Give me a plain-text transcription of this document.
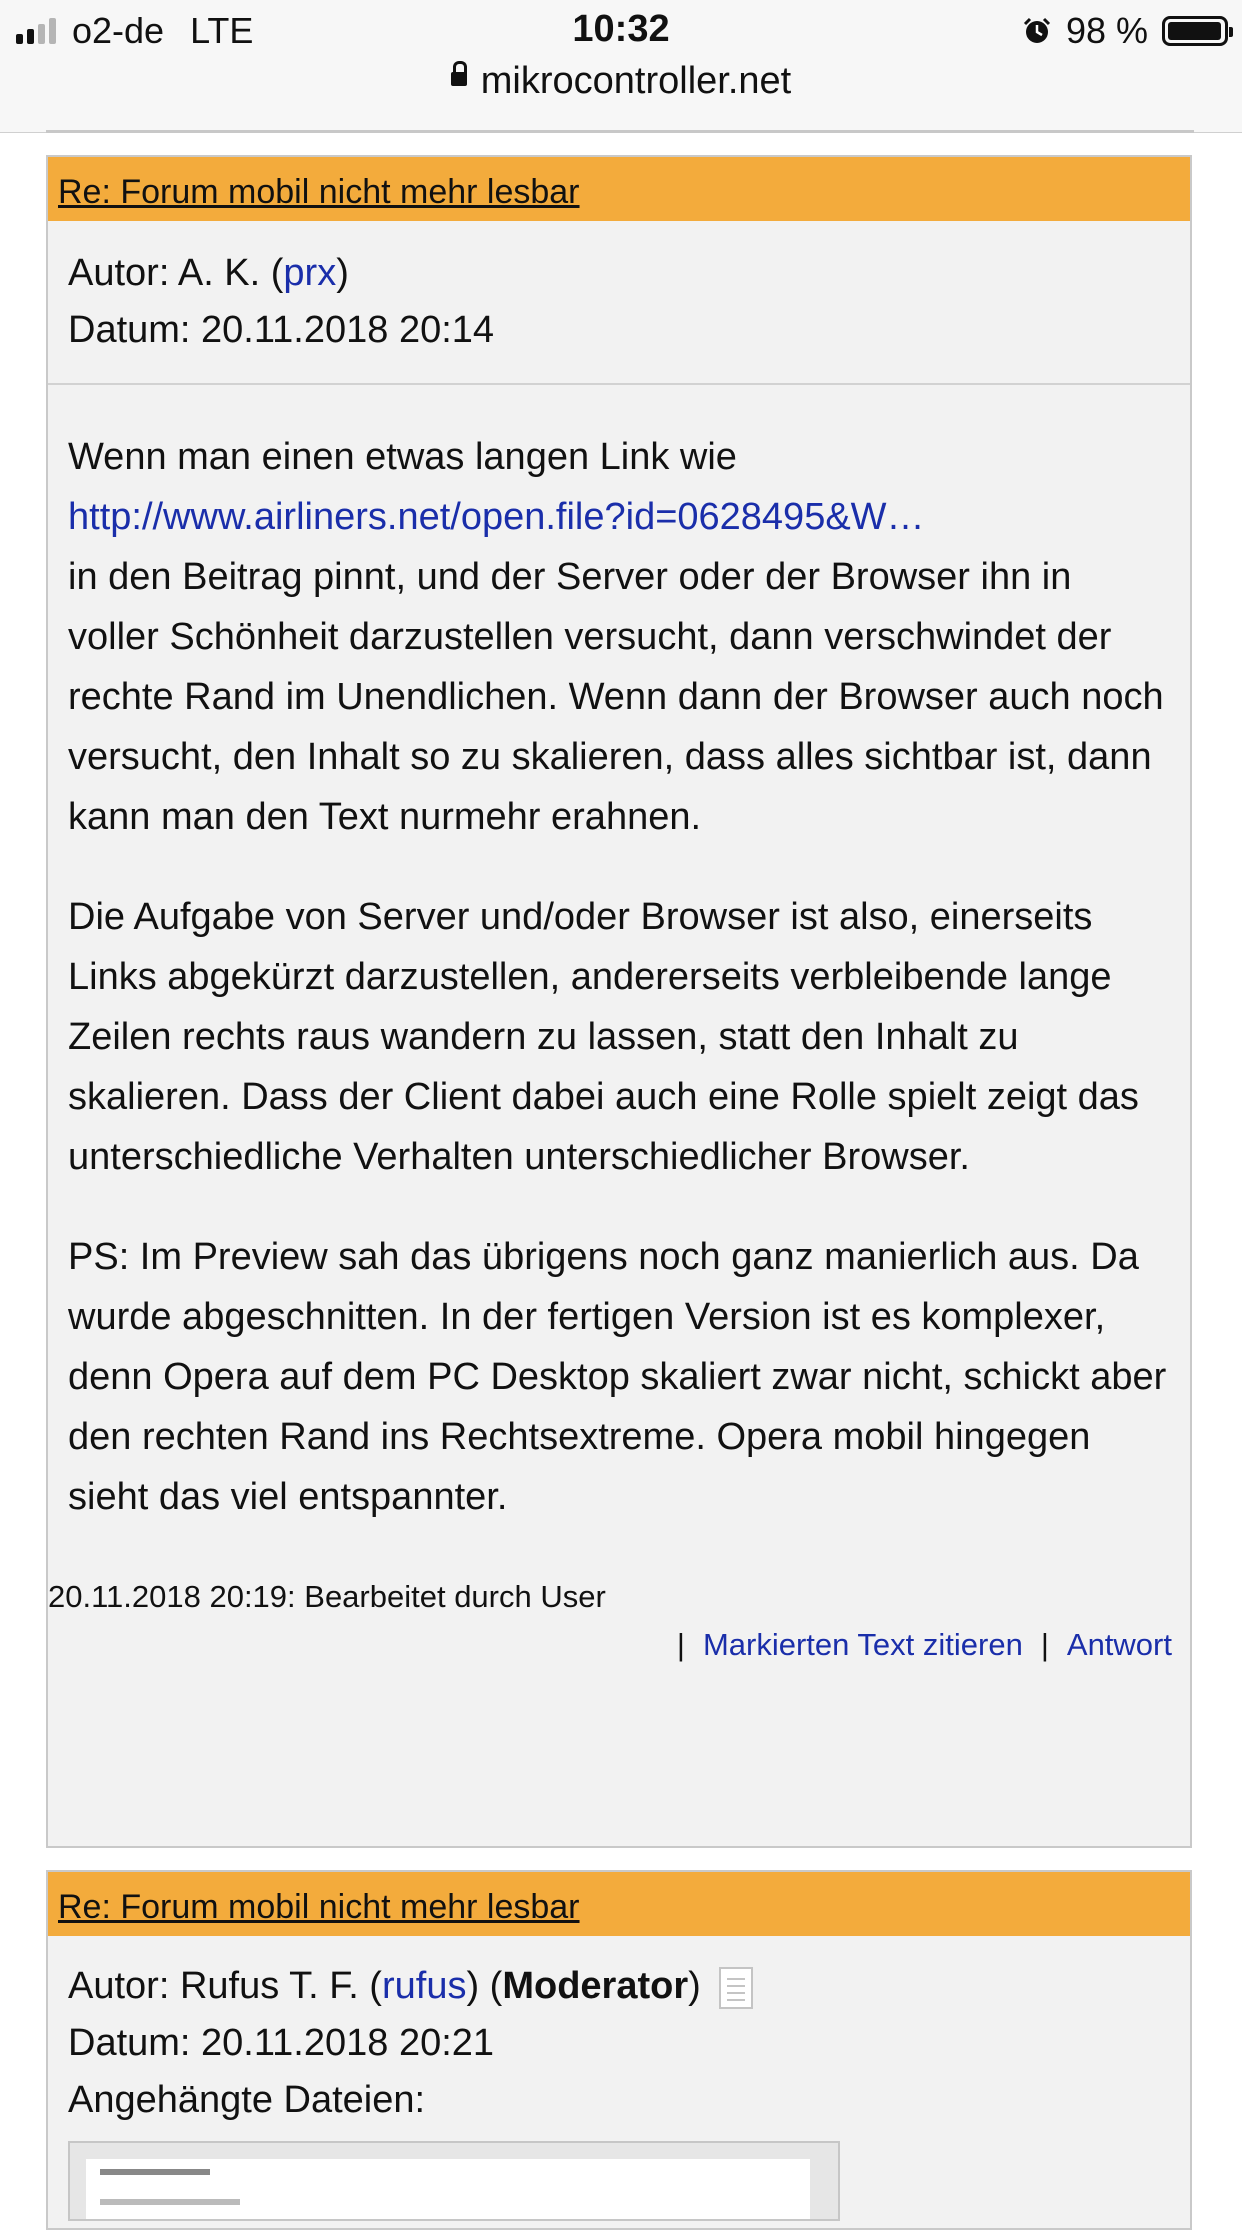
o2-de LTE	10:32	98 %
mikrocontroller.net
Re: Forum mobil nicht mehr lesbar
Autor: A. K. (prx)
Datum: 20.11.2018 20:14

Wenn man einen etwas langen Link wie
http://www.airliners.net/open.file?id=0628495&W…
in den Beitrag pinnt, und der Server oder der Browser ihn in voller Schönheit darzustellen versucht, dann verschwindet der rechte Rand im Unendlichen. Wenn dann der Browser auch noch versucht, den Inhalt so zu skalieren, dass alles sichtbar ist, dann kann man den Text nurmehr erahnen.

Die Aufgabe von Server und/oder Browser ist also, einerseits Links abgekürzt darzustellen, andererseits verbleibende lange Zeilen rechts raus wandern zu lassen, statt den Inhalt zu skalieren. Dass der Client dabei auch eine Rolle spielt zeigt das unterschiedliche Verhalten unterschiedlicher Browser.

PS: Im Preview sah das übrigens noch ganz manierlich aus. Da wurde abgeschnitten. In der fertigen Version ist es komplexer, denn Opera auf dem PC Desktop skaliert zwar nicht, schickt aber den rechten Rand ins Rechtsextreme. Opera mobil hingegen sieht das viel entspannter.

20.11.2018 20:19: Bearbeitet durch User
| Markierten Text zitieren | Antwort
Re: Forum mobil nicht mehr lesbar
Autor: Rufus T. F. (rufus) (Moderator)
Datum: 20.11.2018 20:21
Angehängte Dateien:
